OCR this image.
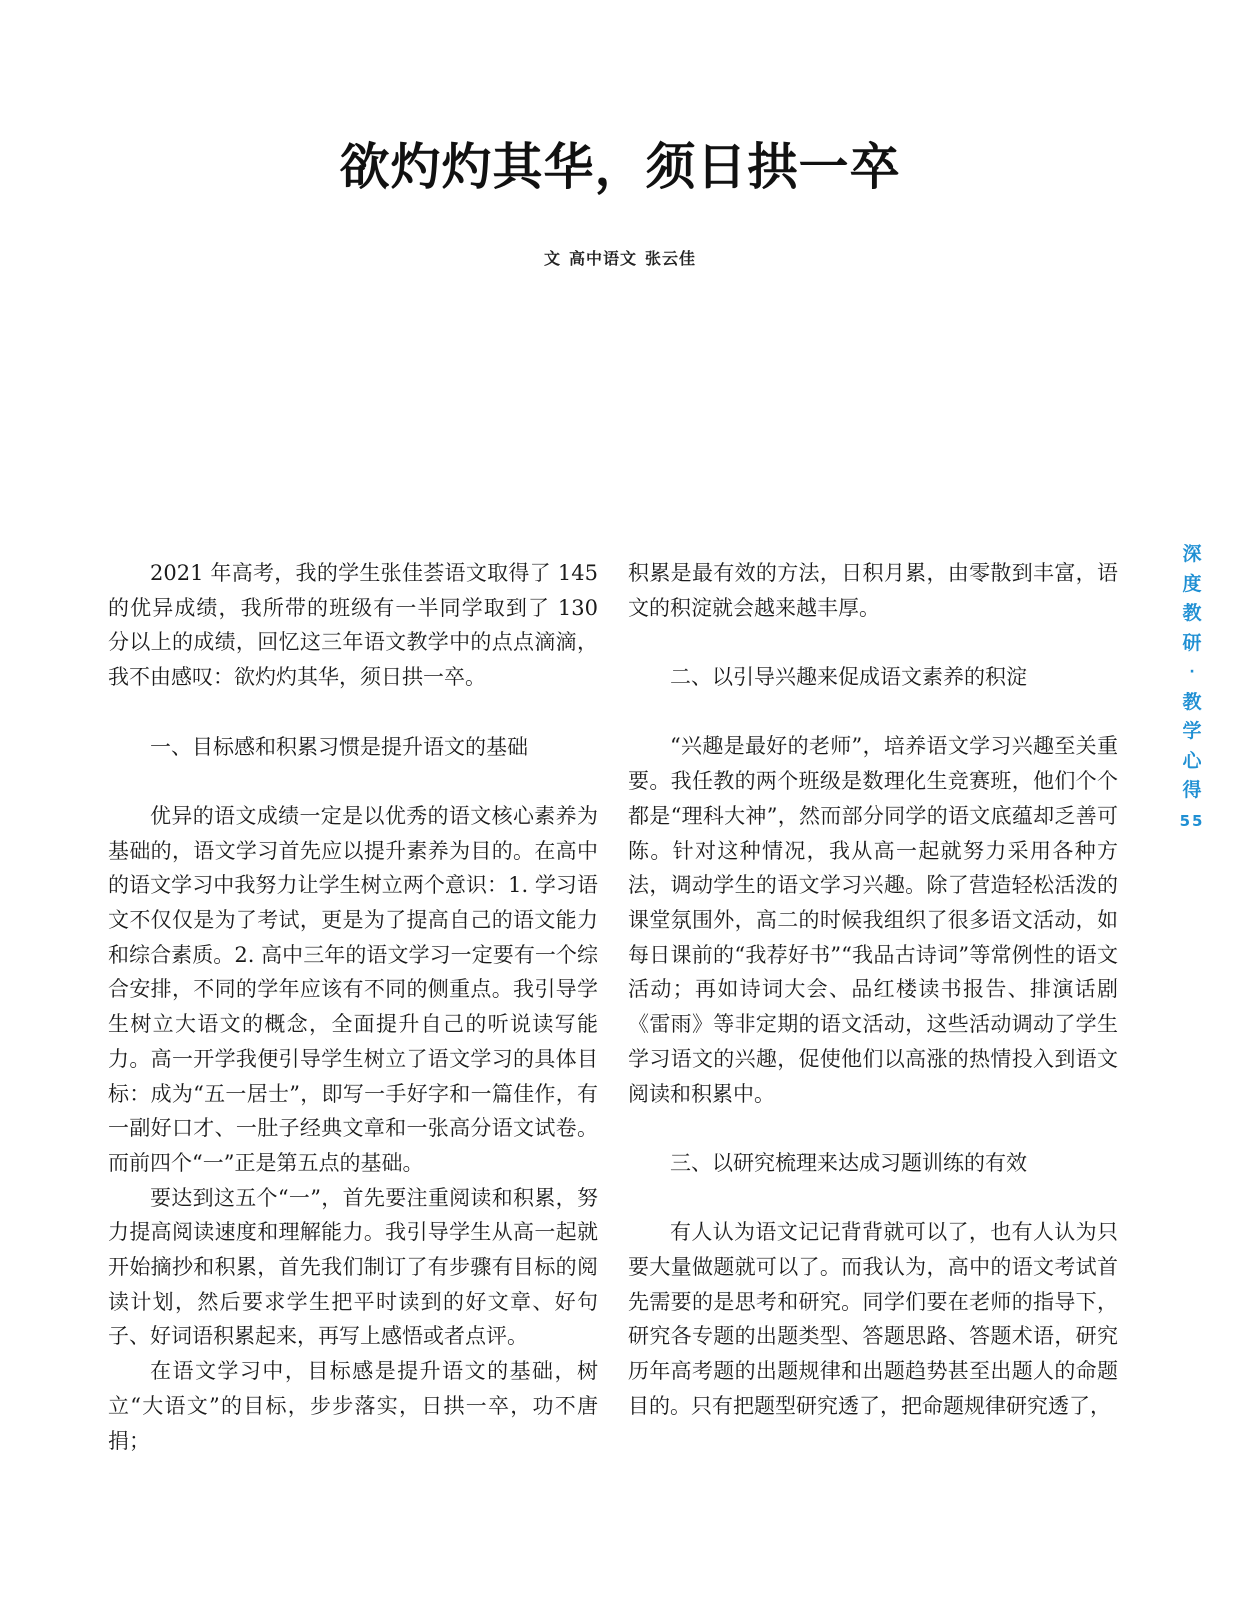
欲灼灼其华，须日拱一卒
文 高中语文 张云佳

2021 年高考，我的学生张佳荟语文取得了 145 的优异成绩，我所带的班级有一半同学取到了 130 分以上的成绩，回忆这三年语文教学中的点点滴滴，我不由感叹：欲灼灼其华，须日拱一卒。

一、目标感和积累习惯是提升语文的基础

优异的语文成绩一定是以优秀的语文核心素养为基础的，语文学习首先应以提升素养为目的。在高中的语文学习中我努力让学生树立两个意识：1. 学习语文不仅仅是为了考试，更是为了提高自己的语文能力和综合素质。2. 高中三年的语文学习一定要有一个综合安排，不同的学年应该有不同的侧重点。我引导学生树立大语文的概念，全面提升自己的听说读写能力。高一开学我便引导学生树立了语文学习的具体目标：成为“五一居士”，即写一手好字和一篇佳作，有一副好口才、一肚子经典文章和一张高分语文试卷。而前四个“一”正是第五点的基础。

要达到这五个“一”，首先要注重阅读和积累，努力提高阅读速度和理解能力。我引导学生从高一起就开始摘抄和积累，首先我们制订了有步骤有目标的阅读计划，然后要求学生把平时读到的好文章、好句子、好词语积累起来，再写上感悟或者点评。

在语文学习中，目标感是提升语文的基础，树立“大语文”的目标，步步落实，日拱一卒，功不唐捐；

积累是最有效的方法，日积月累，由零散到丰富，语文的积淀就会越来越丰厚。

二、以引导兴趣来促成语文素养的积淀

“兴趣是最好的老师”，培养语文学习兴趣至关重要。我任教的两个班级是数理化生竞赛班，他们个个都是“理科大神”，然而部分同学的语文底蕴却乏善可陈。针对这种情况，我从高一起就努力采用各种方法，调动学生的语文学习兴趣。除了营造轻松活泼的课堂氛围外，高二的时候我组织了很多语文活动，如每日课前的“我荐好书”“我品古诗词”等常例性的语文活动；再如诗词大会、品红楼读书报告、排演话剧《雷雨》等非定期的语文活动，这些活动调动了学生学习语文的兴趣，促使他们以高涨的热情投入到语文阅读和积累中。

三、以研究梳理来达成习题训练的有效

有人认为语文记记背背就可以了，也有人认为只要大量做题就可以了。而我认为，高中的语文考试首先需要的是思考和研究。同学们要在老师的指导下，研究各专题的出题类型、答题思路、答题术语，研究历年高考题的出题规律和出题趋势甚至出题人的命题目的。只有把题型研究透了，把命题规律研究透了，

深
度
教
研
·
教
学
心
得
55
